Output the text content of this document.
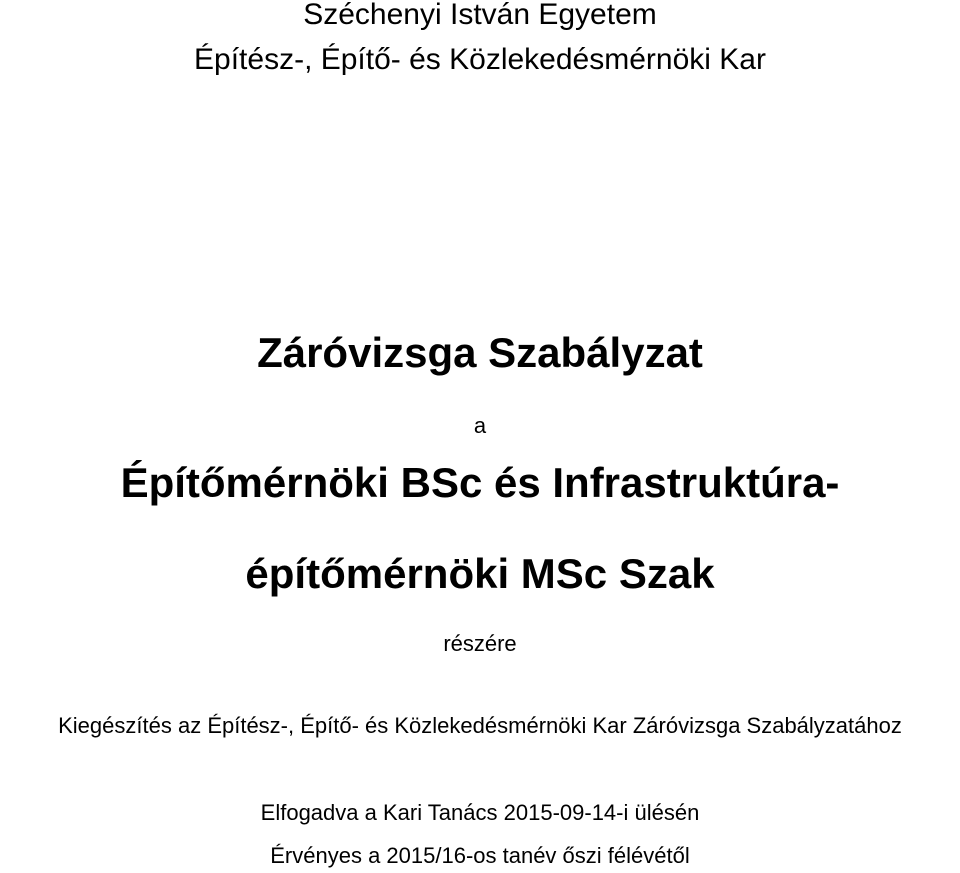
Széchenyi István Egyetem
Építész-, Építő- és Közlekedésmérnöki Kar
Záróvizsga Szabályzat
a
Építőmérnöki BSc és Infrastruktúra-
építőmérnöki MSc Szak
részére
Kiegészítés az Építész-, Építő- és Közlekedésmérnöki Kar Záróvizsga Szabályzatához
Elfogadva a Kari Tanács 2015-09-14-i ülésén
Érvényes a 2015/16-os tanév őszi félévétől
